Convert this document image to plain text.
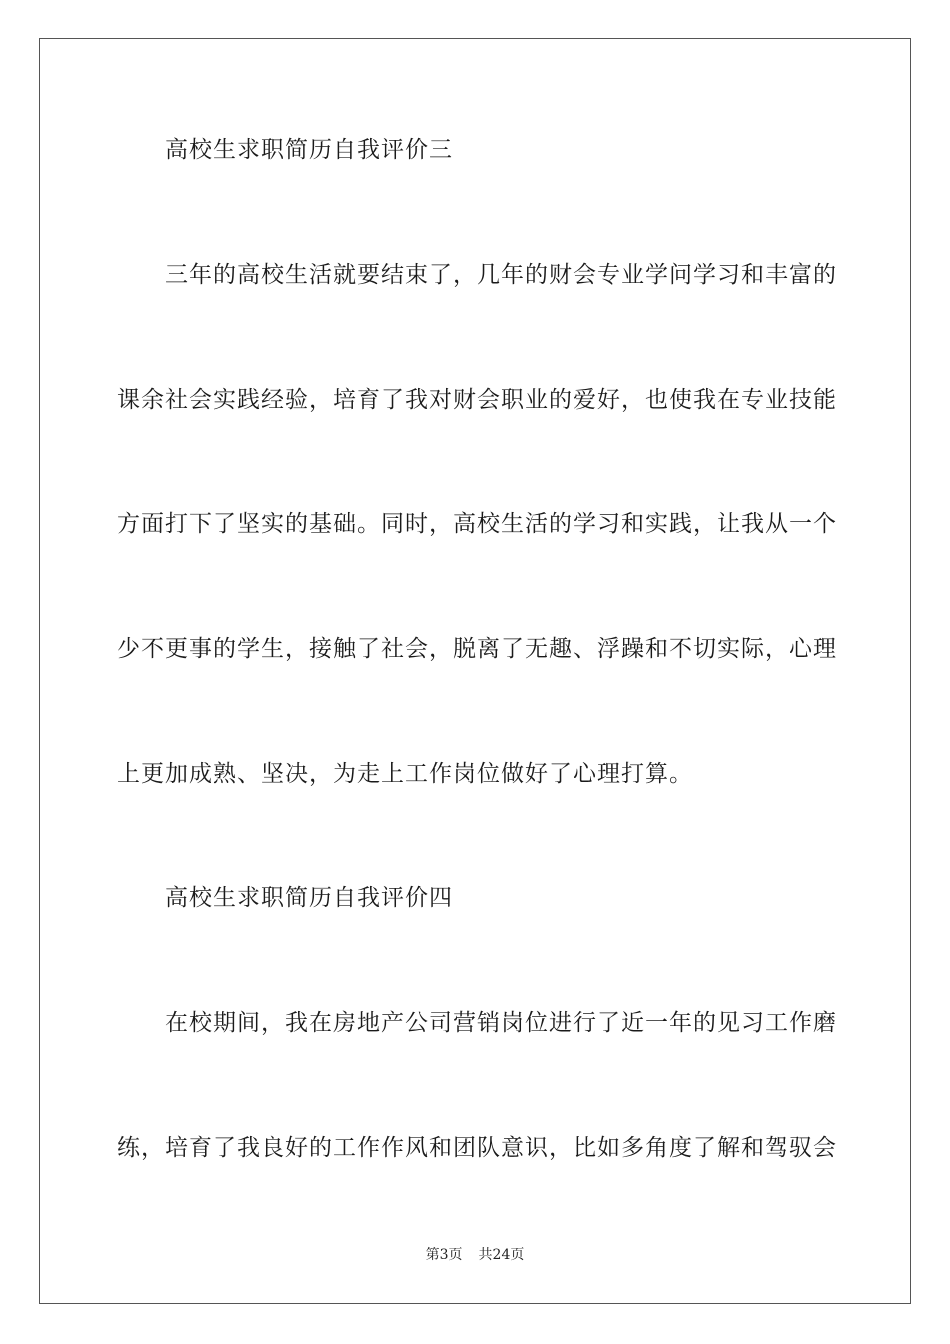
高校生求职简历自我评价三
三年的高校生活就要结束了，几年的财会专业学问学习和丰富的
课余社会实践经验，培育了我对财会职业的爱好，也使我在专业技能
方面打下了坚实的基础。同时，高校生活的学习和实践，让我从一个
少不更事的学生，接触了社会，脱离了无趣、浮躁和不切实际，心理
上更加成熟、坚决，为走上工作岗位做好了心理打算。
高校生求职简历自我评价四
在校期间，我在房地产公司营销岗位进行了近一年的见习工作磨
练，培育了我良好的工作作风和团队意识，比如多角度了解和驾驭会
第3页 共24页
